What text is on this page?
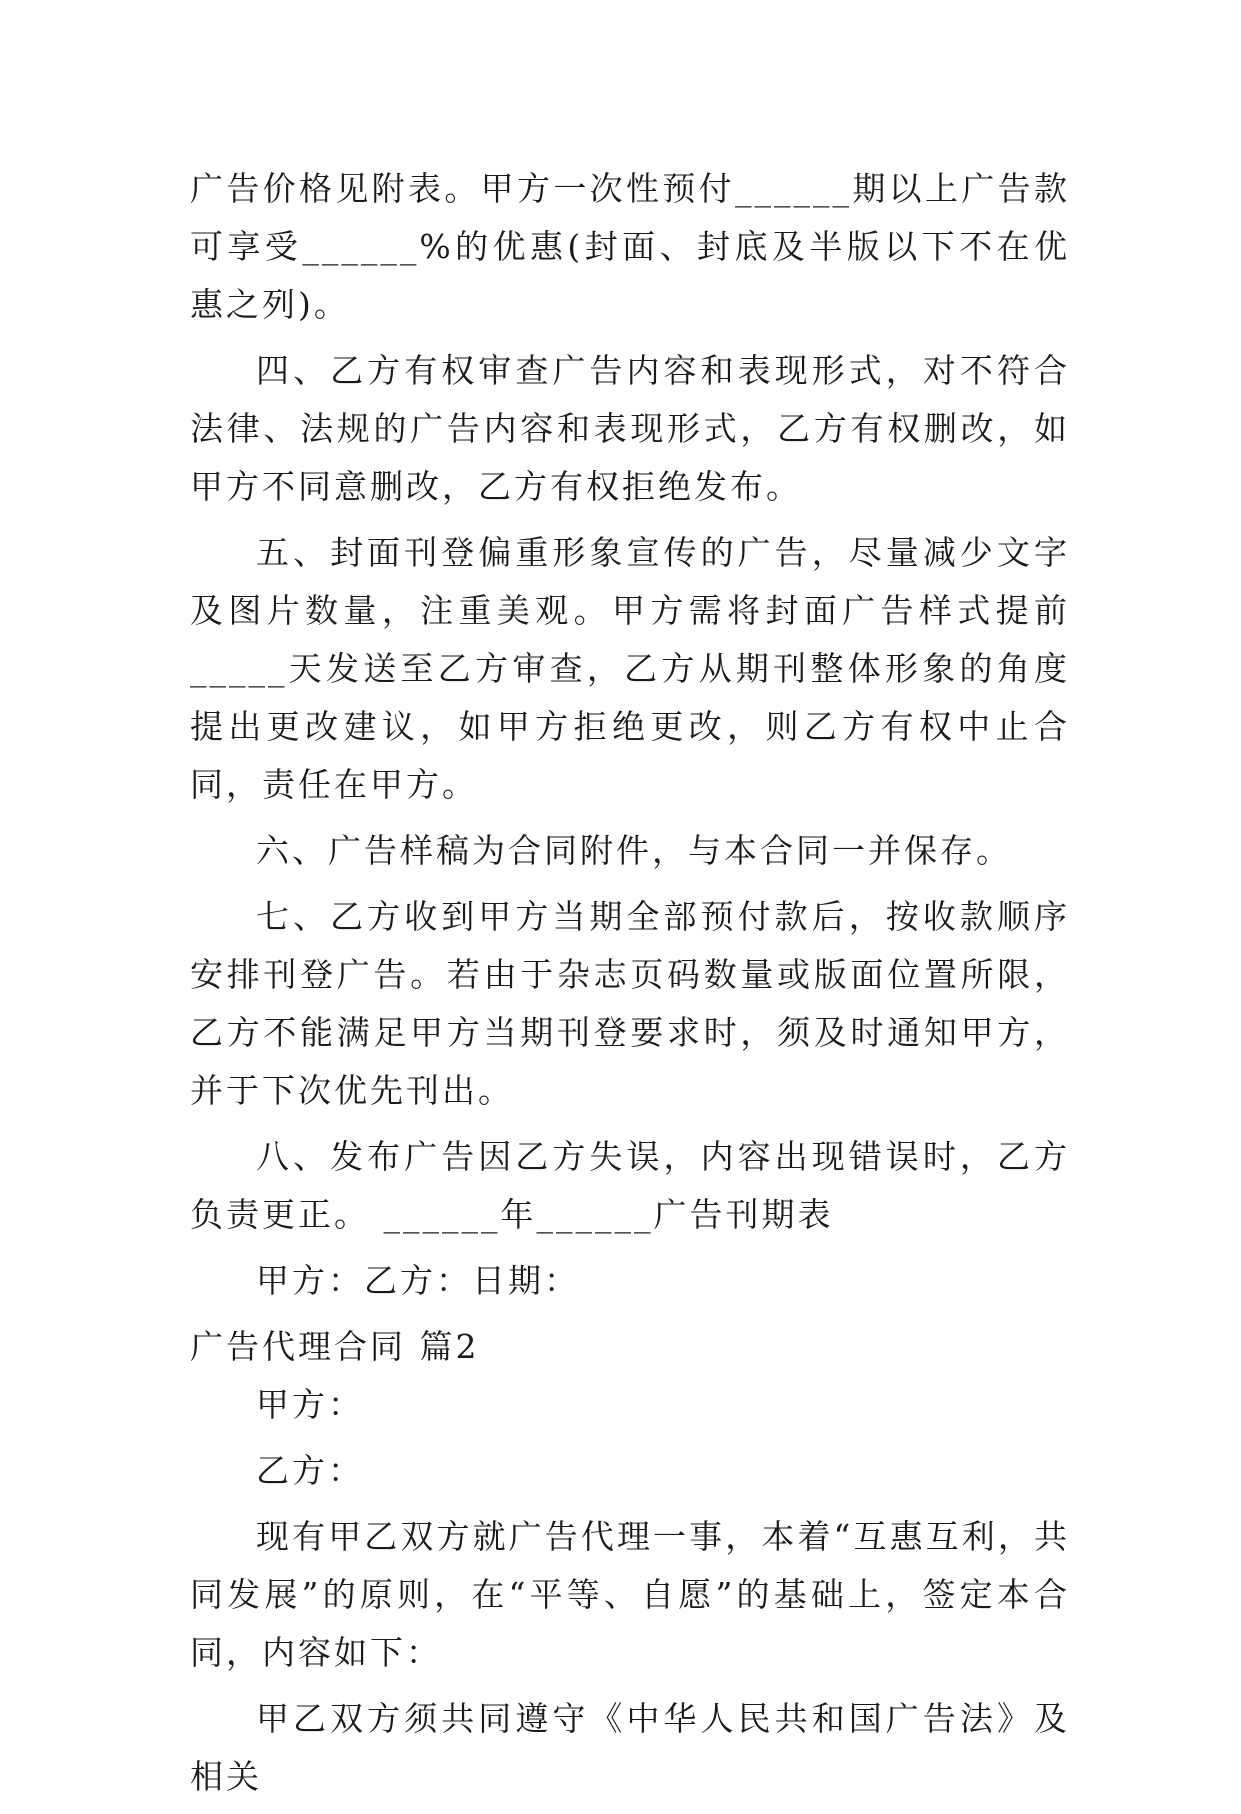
广告价格见附表。甲方一次性预付______期以上广告款可享受______%的优惠(封面、封底及半版以下不在优惠之列)。

四、乙方有权审查广告内容和表现形式，对不符合法律、法规的广告内容和表现形式，乙方有权删改，如甲方不同意删改，乙方有权拒绝发布。

五、封面刊登偏重形象宣传的广告，尽量减少文字及图片数量，注重美观。甲方需将封面广告样式提前_____天发送至乙方审查，乙方从期刊整体形象的角度提出更改建议，如甲方拒绝更改，则乙方有权中止合同，责任在甲方。

六、广告样稿为合同附件，与本合同一并保存。

七、乙方收到甲方当期全部预付款后，按收款顺序安排刊登广告。若由于杂志页码数量或版面位置所限，乙方不能满足甲方当期刊登要求时，须及时通知甲方，并于下次优先刊出。

八、发布广告因乙方失误，内容出现错误时，乙方负责更正。 ______年______广告刊期表

甲方：乙方：日期：

广告代理合同 篇2

甲方：

乙方：

现有甲乙双方就广告代理一事，本着“互惠互利，共同发展”的原则，在“平等、自愿”的基础上，签定本合同，内容如下：

甲乙双方须共同遵守《中华人民共和国广告法》及相关
